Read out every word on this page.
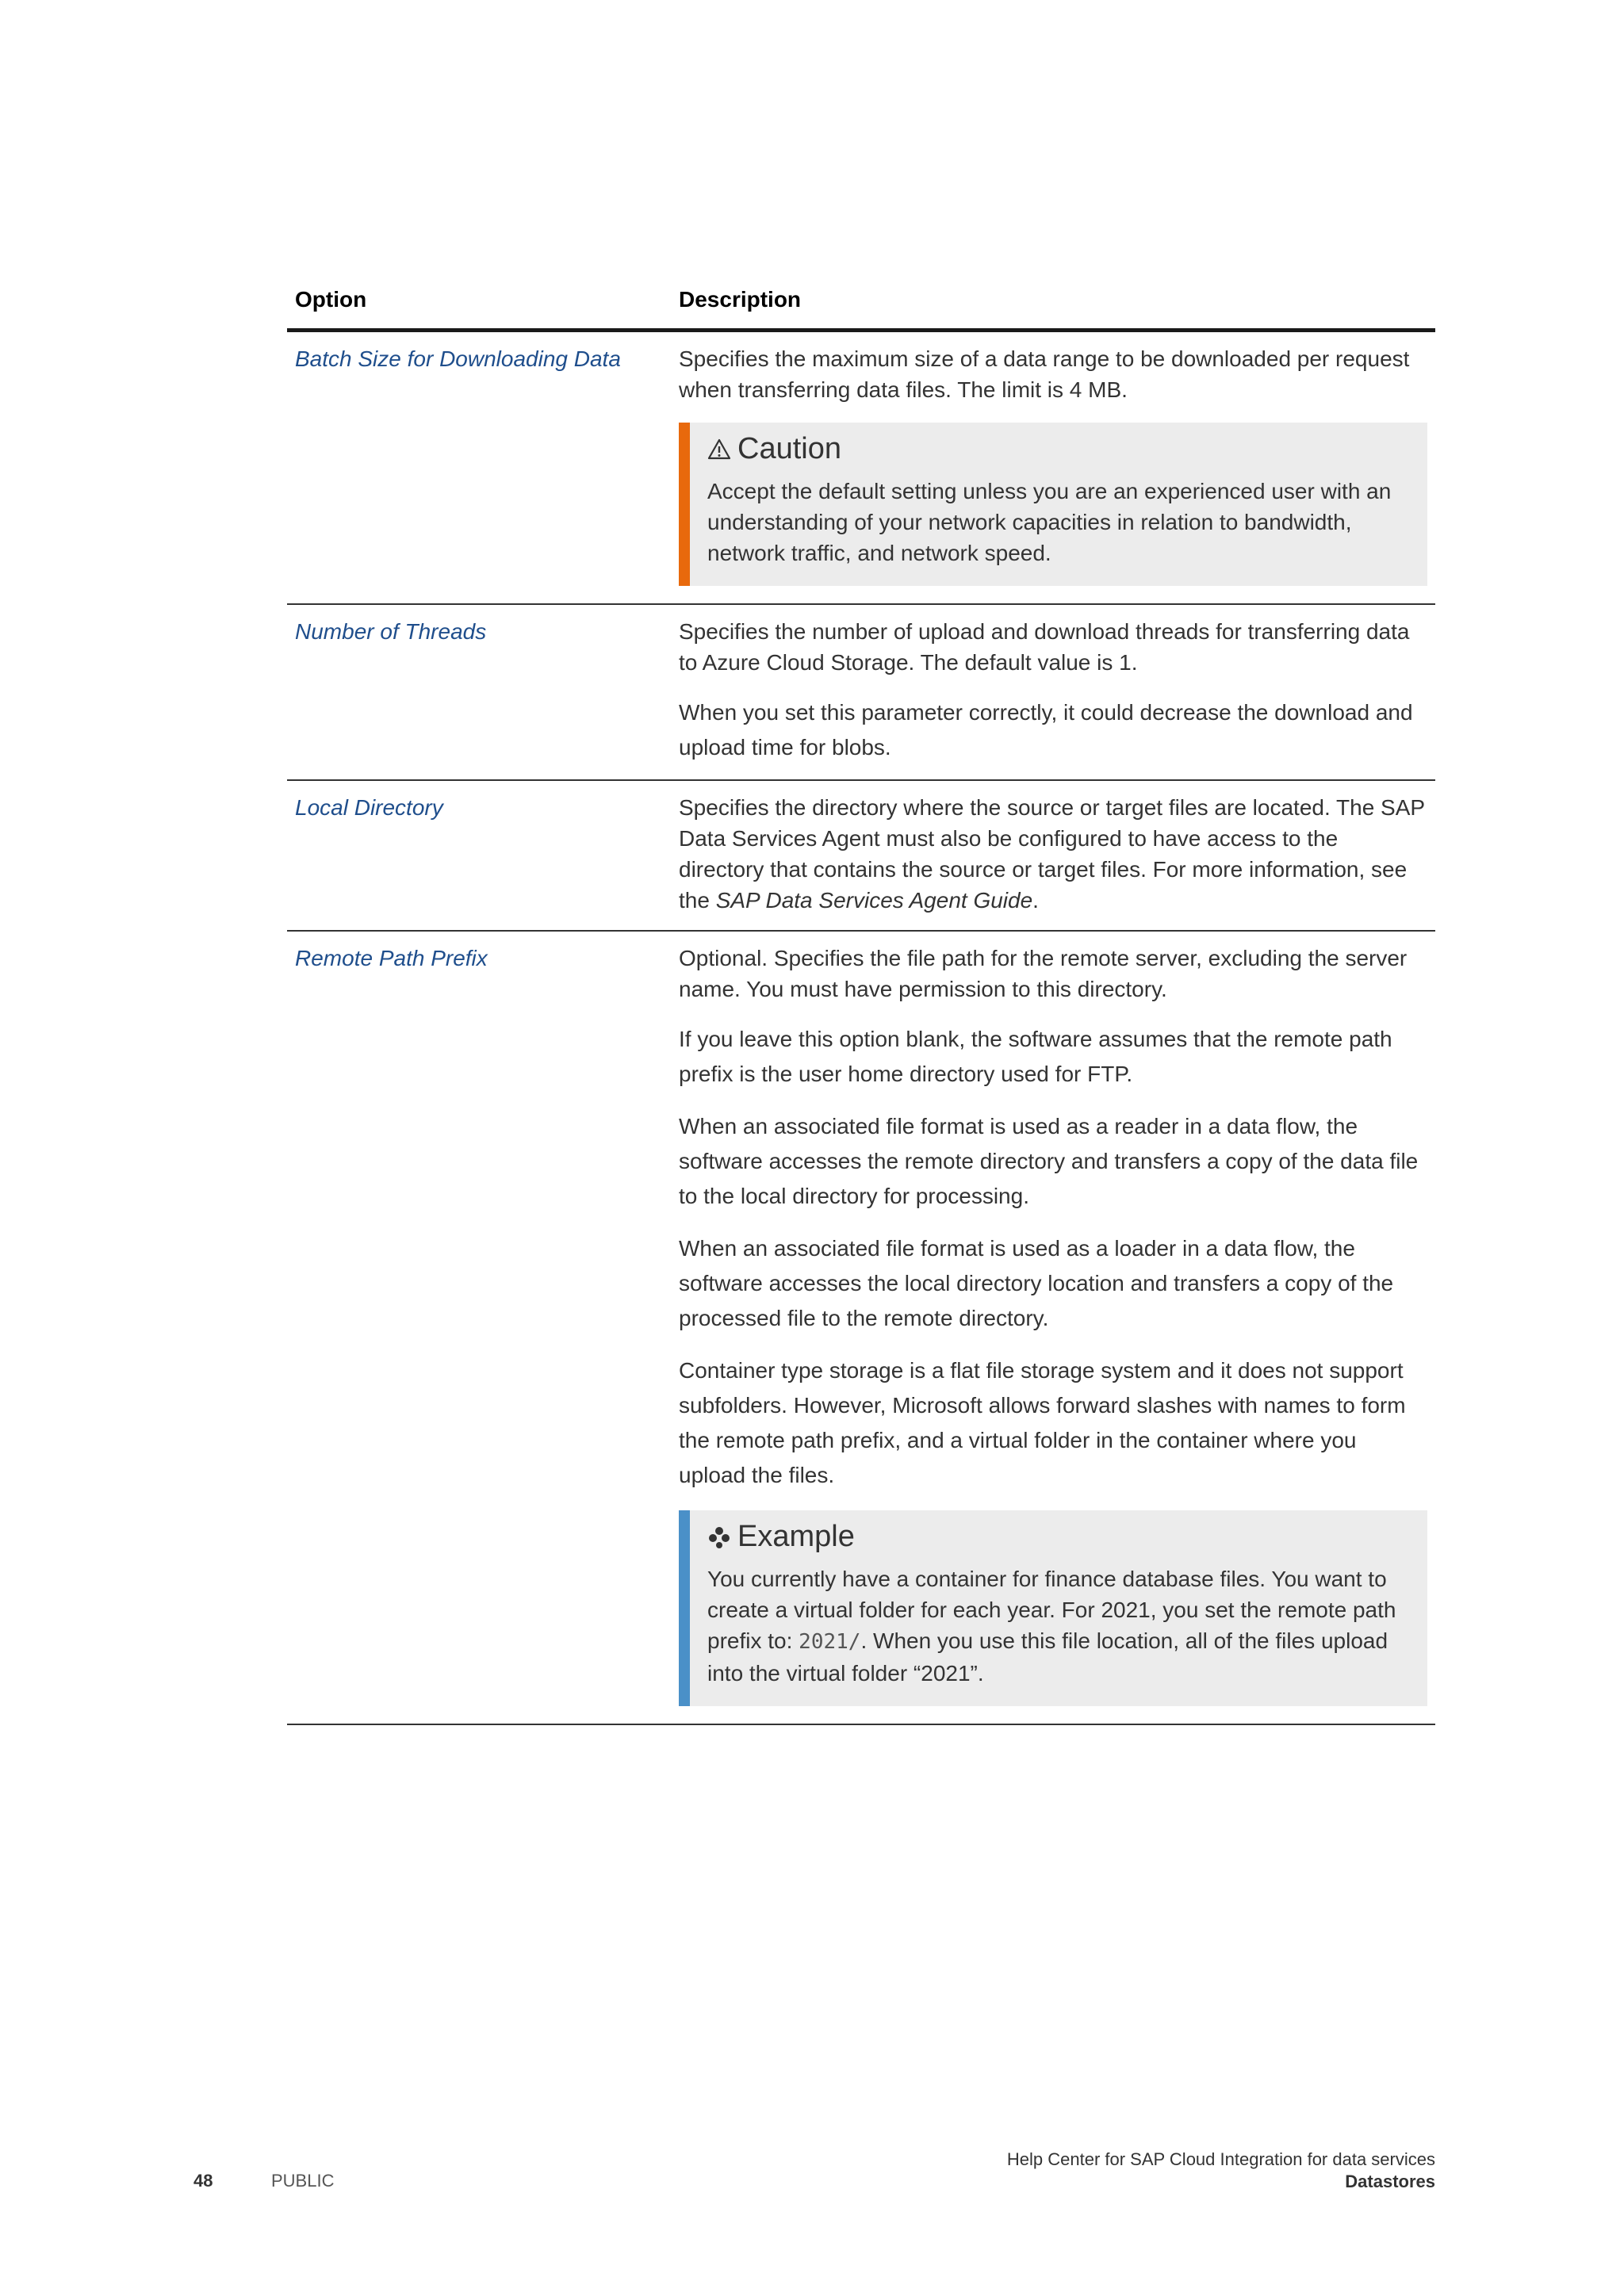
Option	Description
Batch Size for Downloading Data	Specifies the maximum size of a data range to be downloaded per request when transferring data files. The limit is 4 MB.

Caution
Accept the default setting unless you are an experienced user with an understanding of your network capacities in relation to bandwidth, network traffic, and network speed.
Number of Threads	Specifies the number of upload and download threads for transferring data to Azure Cloud Storage. The default value is 1.

When you set this parameter correctly, it could decrease the download and upload time for blobs.

Local Directory	Specifies the directory where the source or target files are located. The SAP Data Services Agent must also be configured to have access to the directory that contains the source or target files. For more information, see the SAP Data Services Agent Guide.

Remote Path Prefix	Optional. Specifies the file path for the remote server, excluding the server name. You must have permission to this directory.

If you leave this option blank, the software assumes that the remote path prefix is the user home directory used for FTP.

When an associated file format is used as a reader in a data flow, the software accesses the remote directory and transfers a copy of the data file to the local directory for processing.

When an associated file format is used as a loader in a data flow, the software accesses the local directory location and transfers a copy of the processed file to the remote directory.

Container type storage is a flat file storage system and it does not support subfolders. However, Microsoft allows forward slashes with names to form the remote path prefix, and a virtual folder in the container where you upload the files.

Example
You currently have a container for finance database files. You want to create a virtual folder for each year. For 2021, you set the remote path prefix to: 2021/. When you use this file location, all of the files upload into the virtual folder “2021”.
48	PUBLIC
Help Center for SAP Cloud Integration for data services
Datastores
